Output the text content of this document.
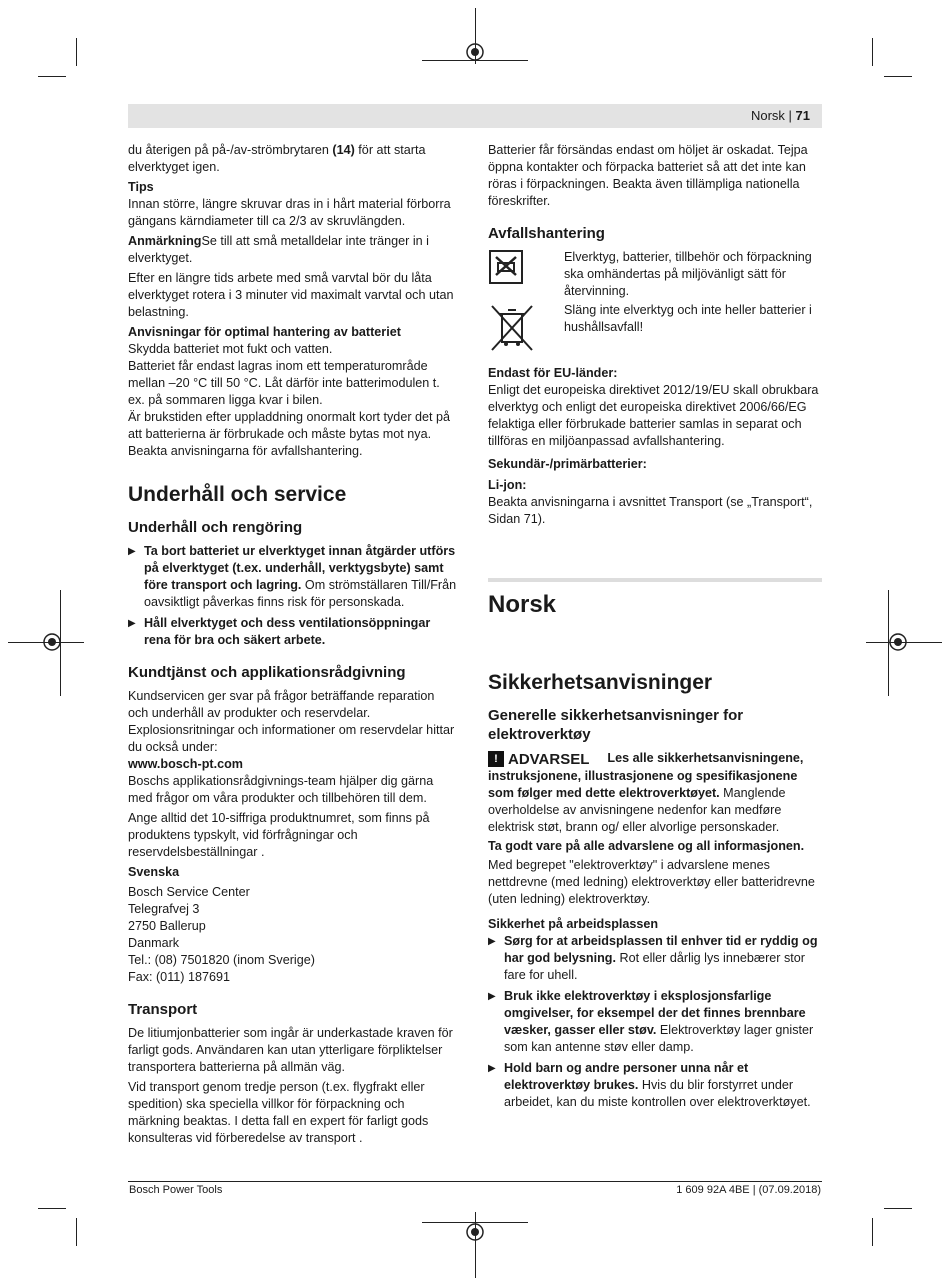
Norsk | 71

du återigen på på-/av-strömbrytaren (14) för att starta elverktyget igen.

Tips

Innan större, längre skruvar dras in i hårt material förborra gängans kärndiameter till ca 2/3 av skruvlängden.

AnmärkningSe till att små metalldelar inte tränger in i elverktyget.

Efter en längre tids arbete med små varvtal bör du låta elverktyget rotera i 3 minuter vid maximalt varvtal och utan belastning.

Anvisningar för optimal hantering av batteriet

Skydda batteriet mot fukt och vatten.

Batteriet får endast lagras inom ett temperaturområde mellan –20 °C till 50 °C. Låt därför inte batterimodulen t. ex. på sommaren ligga kvar i bilen.

Är brukstiden efter uppladdning onormalt kort tyder det på att batterierna är förbrukade och måste bytas mot nya.

Beakta anvisningarna för avfallshantering.

Underhåll och service
Underhåll och rengöring
▶ Ta bort batteriet ur elverktyget innan åtgärder utförs på elverktyget (t.ex. underhåll, verktygsbyte) samt före transport och lagring. Om strömställaren Till/Från oavsiktligt påverkas finns risk för personskada.
▶ Håll elverktyget och dess ventilationsöppningar rena för bra och säkert arbete.
Kundtjänst och applikationsrådgivning

Kundservicen ger svar på frågor beträffande reparation och underhåll av produkter och reservdelar. Explosionsritningar och informationer om reservdelar hittar du också under:

www.bosch-pt.com

Boschs applikationsrådgivnings-team hjälper dig gärna med frågor om våra produkter och tillbehören till dem.

Ange alltid det 10-siffriga produktnumret, som finns på produktens typskylt, vid förfrågningar och reservdelsbeställningar .

Svenska

Bosch Service Center
Telegrafvej 3
2750 Ballerup
Danmark
Tel.: (08) 7501820 (inom Sverige)
Fax: (011) 187691
Transport

De litiumjonbatterier som ingår är underkastade kraven för farligt gods. Användaren kan utan ytterligare förpliktelser transportera batterierna på allmän väg.

Vid transport genom tredje person (t.ex. flygfrakt eller spedition) ska speciella villkor för förpackning och märkning beaktas. I detta fall en expert för farligt gods konsulteras vid förberedelse av transport .

Batterier får försändas endast om höljet är oskadat. Tejpa öppna kontakter och förpacka batteriet så att det inte kan röras i förpackningen. Beakta även tillämpliga nationella föreskrifter.

Avfallshantering

Elverktyg, batterier, tillbehör och förpackning ska omhändertas på miljövänligt sätt för återvinning.

Släng inte elverktyg och inte heller batterier i hushållsavfall!

Endast för EU-länder:

Enligt det europeiska direktivet 2012/19/EU skall obrukbara elverktyg och enligt det europeiska direktivet 2006/66/EG felaktiga eller förbrukade batterier samlas in separat och tillföras en miljöanpassad avfallshantering.

Sekundär-/primärbatterier:

Li-jon:

Beakta anvisningarna i avsnittet Transport (se „Transport“, Sidan 71).

Norsk
Sikkerhetsanvisninger
Generelle sikkerhetsanvisninger for elektroverktøy

! ADVARSEL Les alle sikkerhetsanvisningene, instruksjonene, illustrasjonene og spesifikasjonene som følger med dette elektroverktøyet. Manglende overholdelse av anvisningene nedenfor kan medføre elektrisk støt, brann og/ eller alvorlige personskader.

Ta godt vare på alle advarslene og all informasjonen.

Med begrepet "elektroverktøy" i advarslene menes nettdrevne (med ledning) elektroverktøy eller batteridrevne (uten ledning) elektroverktøy.

Sikkerhet på arbeidsplassen

▶ Sørg for at arbeidsplassen til enhver tid er ryddig og har god belysning. Rot eller dårlig lys innebærer stor fare for uhell.
▶ Bruk ikke elektroverktøy i eksplosjonsfarlige omgivelser, for eksempel der det finnes brennbare væsker, gasser eller støv. Elektroverktøy lager gnister som kan antenne støv eller damp.
▶ Hold barn og andre personer unna når et elektroverktøy brukes. Hvis du blir forstyrret under arbeidet, kan du miste kontrollen over elektroverktøyet.
Bosch Power Tools	1 609 92A 4BE | (07.09.2018)
